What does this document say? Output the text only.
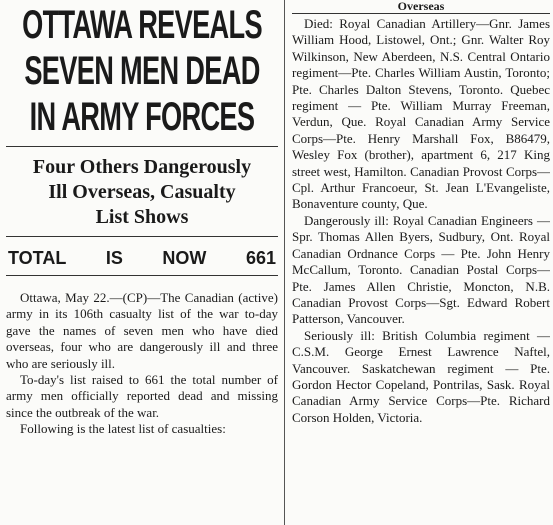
OTTAWA REVEALS
SEVEN MEN DEAD
IN ARMY FORCES
Four Others Dangerously
Ill Overseas, Casualty
List Shows
TOTAL IS NOW 661

Ottawa, May 22.—(CP)—The Canadian (active) army in its 106th casualty list of the war to-day gave the names of seven men who have died overseas, four who are dangerously ill and three who are seriously ill.

To-day's list raised to 661 the total number of army men officially reported dead and missing since the outbreak of the war.

Following is the latest list of casualties:

Overseas

Died: Royal Canadian Artillery—Gnr. James William Hood, Listowel, Ont.; Gnr. Walter Roy Wilkinson, New Aberdeen, N.S. Central Ontario regiment—Pte. Charles William Austin, Toronto; Pte. Charles Dalton Stevens, Toronto. Quebec regiment — Pte. William Murray Freeman, Verdun, Que. Royal Canadian Army Service Corps—Pte. Henry Marshall Fox, B86479, Wesley Fox (brother), apartment 6, 217 King street west, Hamilton. Canadian Provost Corps—Cpl. Arthur Francoeur, St. Jean L'Evangeliste, Bonaventure county, Que.

Dangerously ill: Royal Canadian Engineers — Spr. Thomas Allen Byers, Sudbury, Ont. Royal Canadian Ordnance Corps — Pte. John Henry McCallum, Toronto. Canadian Postal Corps—Pte. James Allen Christie, Moncton, N.B. Canadian Provost Corps—Sgt. Edward Robert Patterson, Vancouver.

Seriously ill: British Columbia regiment — C.S.M. George Ernest Lawrence Naftel, Vancouver. Saskatchewan regiment — Pte. Gordon Hector Copeland, Pontrilas, Sask. Royal Canadian Army Service Corps—Pte. Richard Corson Holden, Victoria.
